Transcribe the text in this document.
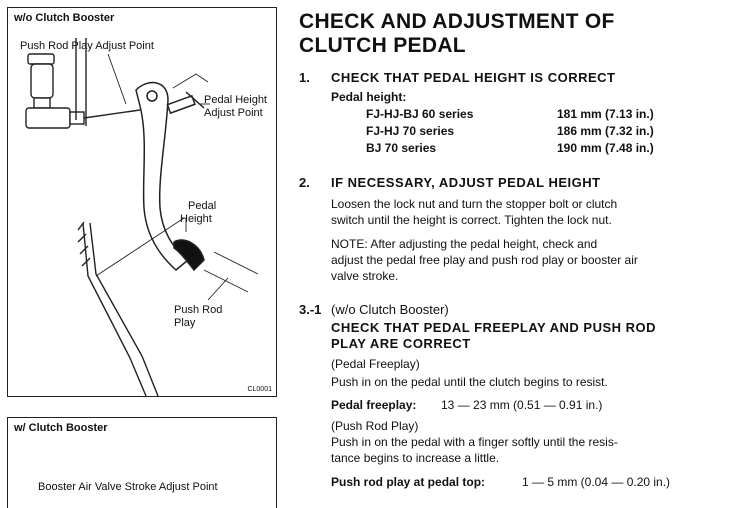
w/o Clutch Booster
Push Rod Play Adjust Point
Pedal Height
Adjust Point
Pedal
Height
Push Rod
Play
CL0001
w/ Clutch Booster
Booster Air Valve Stroke Adjust Point
CHECK AND ADJUSTMENT OF
CLUTCH PEDAL
1. CHECK THAT PEDAL HEIGHT IS CORRECT
Pedal height:
FJ-HJ-BJ 60 series	181 mm (7.13 in.)
FJ-HJ 70 series	186 mm (7.32 in.)
BJ 70 series	190 mm (7.48 in.)
2. IF NECESSARY, ADJUST PEDAL HEIGHT
Loosen the lock nut and turn the stopper bolt or clutch
switch until the height is correct. Tighten the lock nut.
NOTE: After adjusting the pedal height, check and
adjust the pedal free play and push rod play or booster air
valve stroke.
3.-1 (w/o Clutch Booster)
CHECK THAT PEDAL FREEPLAY AND PUSH ROD
PLAY ARE CORRECT
(Pedal Freeplay)
Push in on the pedal until the clutch begins to resist.
Pedal freeplay: 13 — 23 mm (0.51 — 0.91 in.)
(Push Rod Play)
Push in on the pedal with a finger softly until the resis-
tance begins to increase a little.
Push rod play at pedal top:	1 — 5 mm (0.04 — 0.20 in.)
